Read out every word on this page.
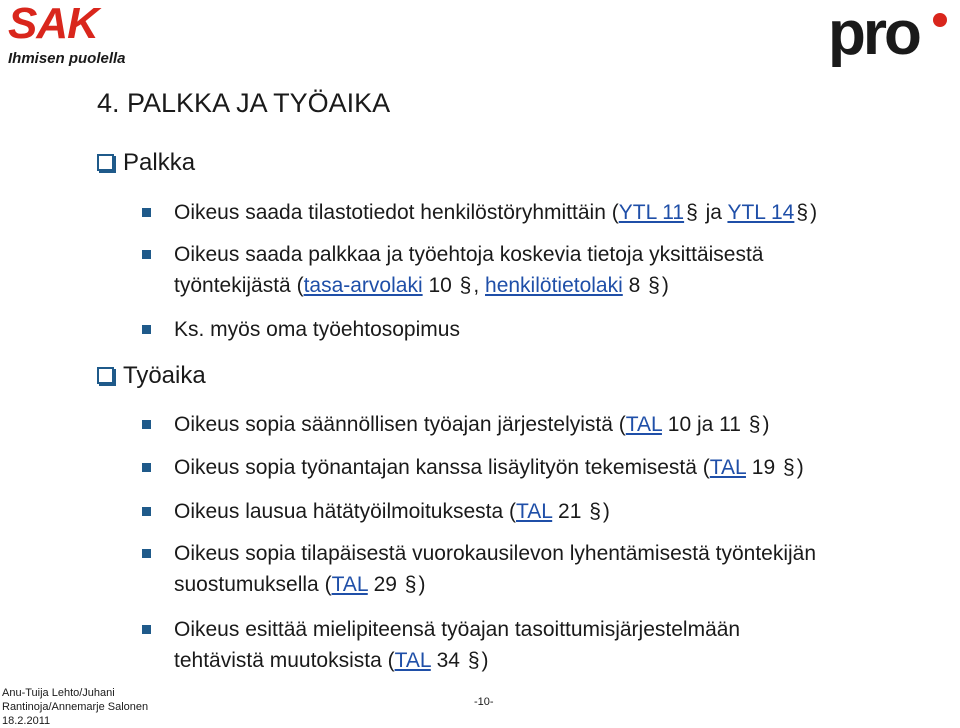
SAK
Ihmisen puolella	pro
4. PALKKA JA TYÖAIKA
Palkka
Oikeus saada tilastotiedot henkilöstöryhmittäin (YTL 11§ ja YTL 14§)
Oikeus saada palkkaa ja työehtoja koskevia tietoja yksittäisestä
työntekijästä (tasa-arvolaki 10 §, henkilötietolaki 8 §)
Ks. myös oma työehtosopimus
Työaika
Oikeus sopia säännöllisen työajan järjestelyistä (TAL 10 ja 11 §)
Oikeus sopia työnantajan kanssa lisäylityön tekemisestä (TAL 19 §)
Oikeus lausua hätätyöilmoituksesta (TAL 21 §)
Oikeus sopia tilapäisestä vuorokausilevon lyhentämisestä työntekijän
suostumuksella (TAL 29 §)
Oikeus esittää mielipiteensä työajan tasoittumisjärjestelmään
tehtävistä muutoksista (TAL 34 §)
Anu-Tuija Lehto/Juhani
Rantinoja/Annemarje Salonen
18.2.2011
-10-
